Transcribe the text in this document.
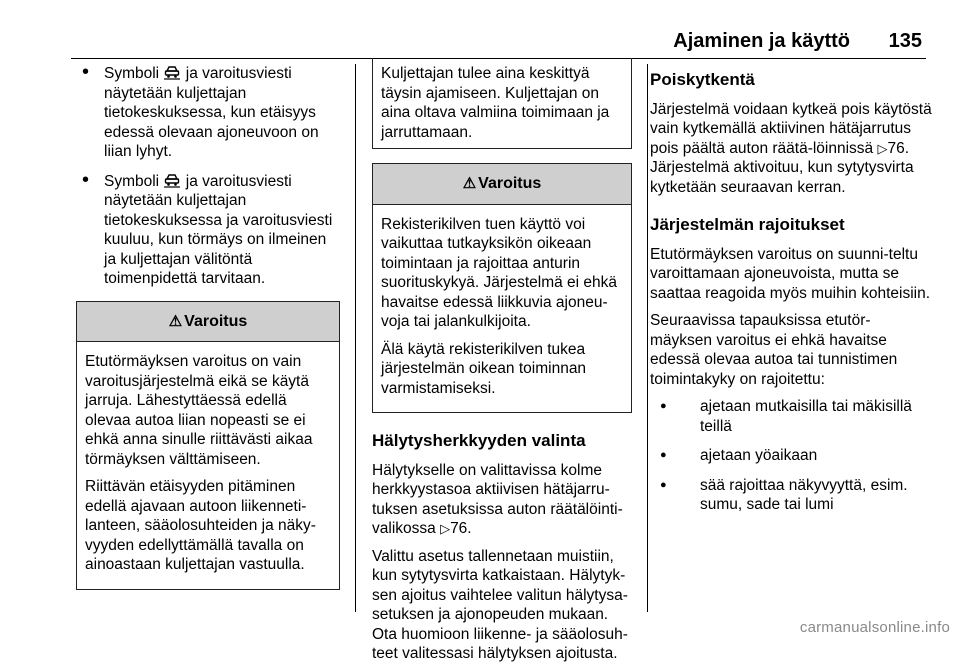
Ajaminen ja käyttö 135
• Symboli ja varoitusviesti näytetään kuljettajan tietokeskuksessa, kun etäisyys edessä olevaan ajoneuvoon on liian lyhyt.
• Symboli ja varoitusviesti näytetään kuljettajan tietokeskuksessa ja varoitusviesti kuuluu, kun törmäys on ilmeinen ja kuljettajan välitöntä toimenpidettä tarvitaan.
⚠ Varoitus

Etutörmäyksen varoitus on vain varoitusjärjestelmä eikä se käytä jarruja. Lähestyttäessä edellä olevaa autoa liian nopeasti se ei ehkä anna sinulle riittävästi aikaa törmäyksen välttämiseen.

Riittävän etäisyyden pitäminen edellä ajavaan autoon liikenneti-lanteen, sääolosuhteiden ja näky-vyyden edellyttämällä tavalla on ainoastaan kuljettajan vastuulla.

Kuljettajan tulee aina keskittyä täysin ajamiseen. Kuljettajan on aina oltava valmiina toimimaan ja jarruttamaan.
⚠ Varoitus

Rekisterikilven tuen käyttö voi vaikuttaa tutkayksikön oikeaan toimintaan ja rajoittaa anturin suorituskykyä. Järjestelmä ei ehkä havaitse edessä liikkuvia ajoneu-voja tai jalankulkijoita.

Älä käytä rekisterikilven tukea järjestelmän oikean toiminnan varmistamiseksi.

Hälytysherkkyyden valinta

Hälytykselle on valittavissa kolme herkkyystasoa aktiivisen hätäjarru-tuksen asetuksissa auton räätälöinti-valikossa ▷76.

Valittu asetus tallennetaan muistiin, kun sytytysvirta katkaistaan. Hälytyk-sen ajoitus vaihtelee valitun hälytysa-setuksen ja ajonopeuden mukaan. Ota huomioon liikenne- ja sääolosuh-teet valitessasi hälytyksen ajoitusta.

Poiskytkentä

Järjestelmä voidaan kytkeä pois käytöstä vain kytkemällä aktiivinen hätäjarrutus pois päältä auton räätä-löinnissä ▷76. Järjestelmä aktivoituu, kun sytytysvirta kytketään seuraavan kerran.

Järjestelmän rajoitukset

Etutörmäyksen varoitus on suunni-teltu varoittamaan ajoneuvoista, mutta se saattaa reagoida myös muihin kohteisiin.

Seuraavissa tapauksissa etutör-mäyksen varoitus ei ehkä havaitse edessä olevaa autoa tai tunnistimen toimintakyky on rajoitettu:

● ajetaan mutkaisilla tai mäkisillä teillä
● ajetaan yöaikaan
● sää rajoittaa näkyvyyttä, esim. sumu, sade tai lumi
carmanualsonline.info
